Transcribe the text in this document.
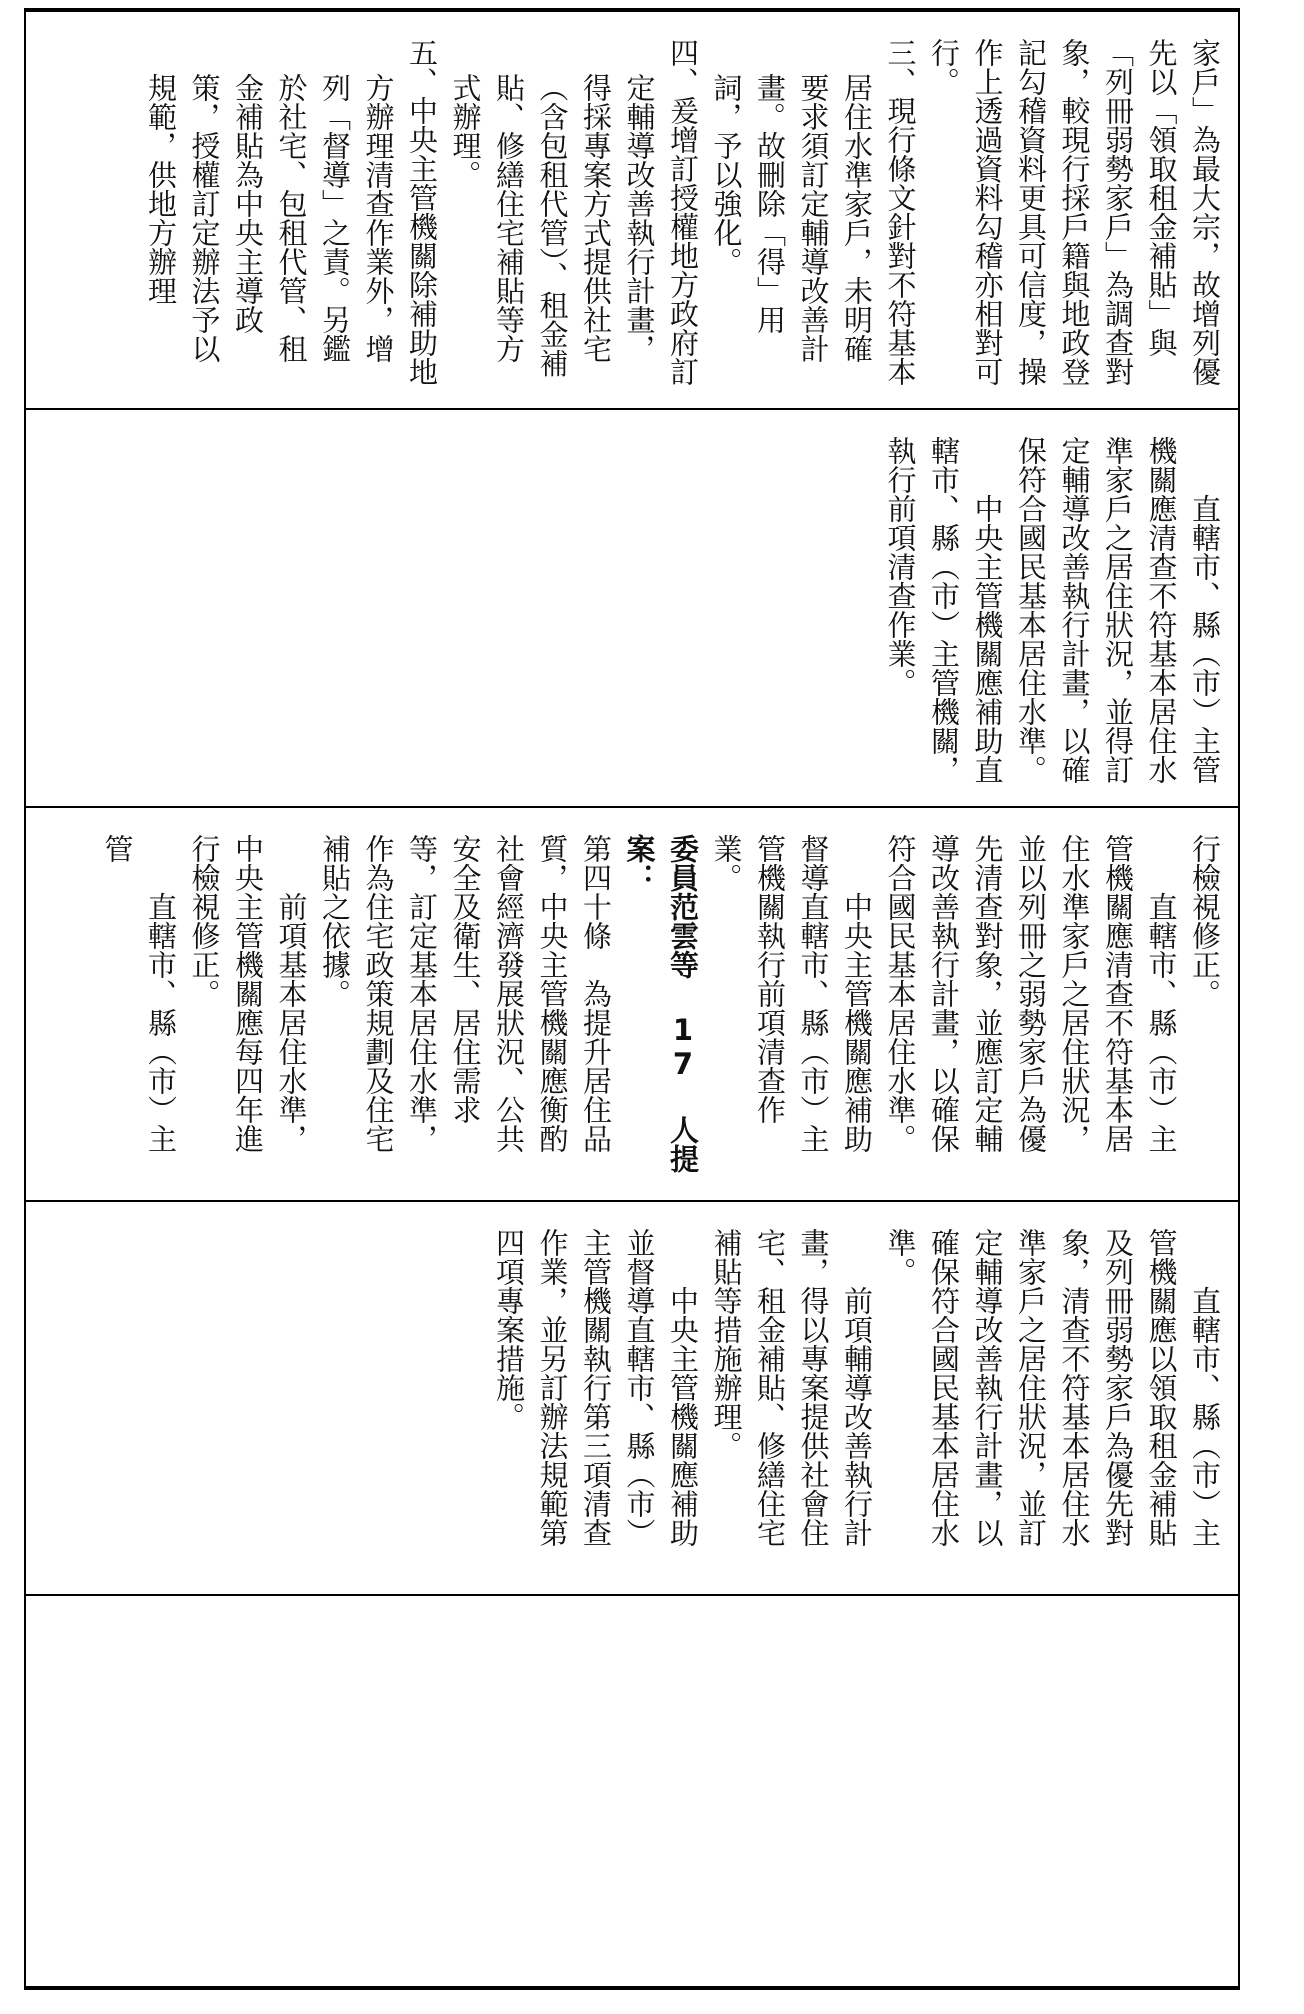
家戶」為最大宗，故增列優先以「領取租金補貼」與「列冊弱勢家戶」為調查對象，較現行採戶籍與地政登記勾稽資料更具可信度，操作上透過資料勾稽亦相對可行。

三、現行條文針對不符基本居住水準家戶，未明確要求須訂定輔導改善計畫。故刪除「得」用詞，予以強化。

四、爰增訂授權地方政府訂定輔導改善執行計畫，得採專案方式提供社宅（含包租代管）、租金補貼、修繕住宅補貼等方式辦理。

五、中央主管機關除補助地方辦理清查作業外，增列「督導」之責。另鑑於社宅、包租代管、租金補貼為中央主導政策，授權訂定辦法予以規範，供地方辦理

直轄市、縣（市）主管機關應清查不符基本居住水準家戶之居住狀況，並得訂定輔導改善執行計畫，以確保符合國民基本居住水準。

中央主管機關應補助直轄市、縣（市）主管機關，執行前項清查作業。

行檢視修正。

直轄市、縣（市）主管機關應清查不符基本居住水準家戶之居住狀況，並以列冊之弱勢家戶為優先清查對象，並應訂定輔導改善執行計畫，以確保符合國民基本居住水準。

中央主管機關應補助督導直轄市、縣（市）主管機關執行前項清查作業。

委員范雲等 17 人提案：

第四十條　為提升居住品質，中央主管機關應衡酌社會經濟發展狀況、公共安全及衛生、居住需求等，訂定基本居住水準，作為住宅政策規劃及住宅補貼之依據。

前項基本居住水準，中央主管機關應每四年進行檢視修正。

直轄市、縣（市）主管

直轄市、縣（市）主管機關應以領取租金補貼及列冊弱勢家戶為優先對象，清查不符基本居住水準家戶之居住狀況，並訂定輔導改善執行計畫，以確保符合國民基本居住水準。

前項輔導改善執行計畫，得以專案提供社會住宅、租金補貼、修繕住宅補貼等措施辦理。

中央主管機關應補助並督導直轄市、縣（市）主管機關執行第三項清查作業，並另訂辦法規範第四項專案措施。
